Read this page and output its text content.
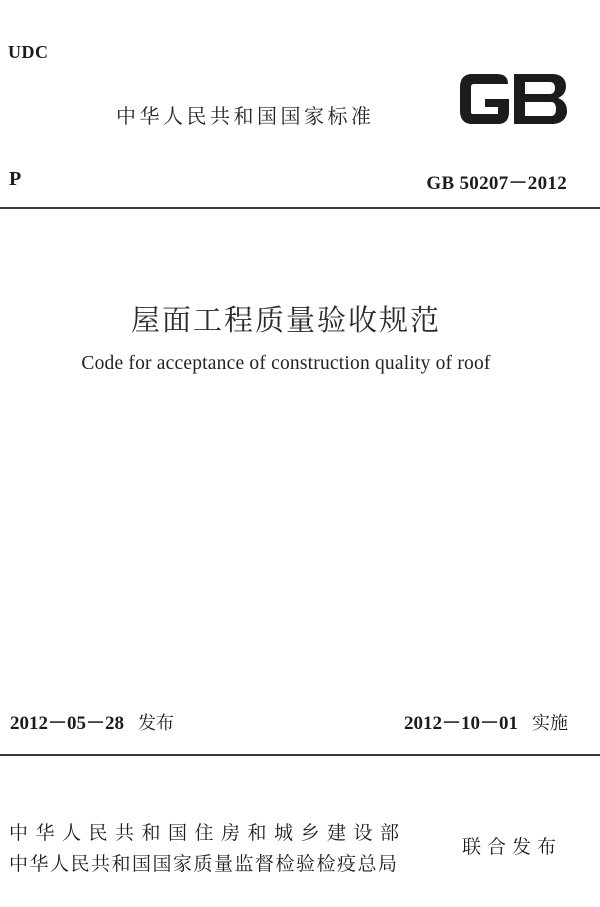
UDC
中华人民共和国国家标准
P	GB 50207－2012
屋面工程质量验收规范
Code for acceptance of construction quality of roof
2012－05－28 发布	2012－10－01 实施
中华人民共和国住房和城乡建设部
中华人民共和国国家质量监督检验检疫总局
联合发布
